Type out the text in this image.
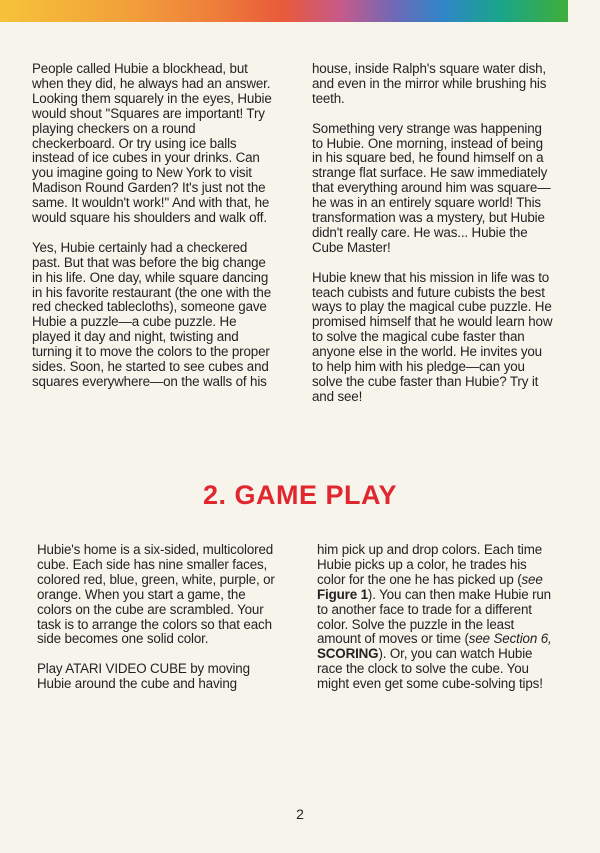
People called Hubie a blockhead, but when they did, he always had an answer. Looking them squarely in the eyes, Hubie would shout ''Squares are important! Try playing checkers on a round checkerboard. Or try using ice balls instead of ice cubes in your drinks. Can you imagine going to New York to visit Madison Round Garden? It's just not the same. It wouldn't work!'' And with that, he would square his shoulders and walk off.

Yes, Hubie certainly had a checkered past. But that was before the big change in his life. One day, while square dancing in his favorite restaurant (the one with the red checked tablecloths), someone gave Hubie a puzzle—a cube puzzle. He played it day and night, twisting and turning it to move the colors to the proper sides. Soon, he started to see cubes and squares everywhere—on the walls of his

house, inside Ralph's square water dish, and even in the mirror while brushing his teeth.

Something very strange was happening to Hubie. One morning, instead of being in his square bed, he found himself on a strange flat surface. He saw immediately that everything around him was square—he was in an entirely square world! This transformation was a mystery, but Hubie didn't really care. He was... Hubie the Cube Master!

Hubie knew that his mission in life was to teach cubists and future cubists the best ways to play the magical cube puzzle. He promised himself that he would learn how to solve the magical cube faster than anyone else in the world. He invites you to help him with his pledge—can you solve the cube faster than Hubie? Try it and see!

2. GAME PLAY

Hubie's home is a six-sided, multicolored cube. Each side has nine smaller faces, colored red, blue, green, white, purple, or orange. When you start a game, the colors on the cube are scrambled. Your task is to arrange the colors so that each side becomes one solid color.

Play ATARI VIDEO CUBE by moving Hubie around the cube and having

him pick up and drop colors. Each time Hubie picks up a color, he trades his color for the one he has picked up (see Figure 1). You can then make Hubie run to another face to trade for a different color. Solve the puzzle in the least amount of moves or time (see Section 6, SCORING). Or, you can watch Hubie race the clock to solve the cube. You might even get some cube-solving tips!

2
